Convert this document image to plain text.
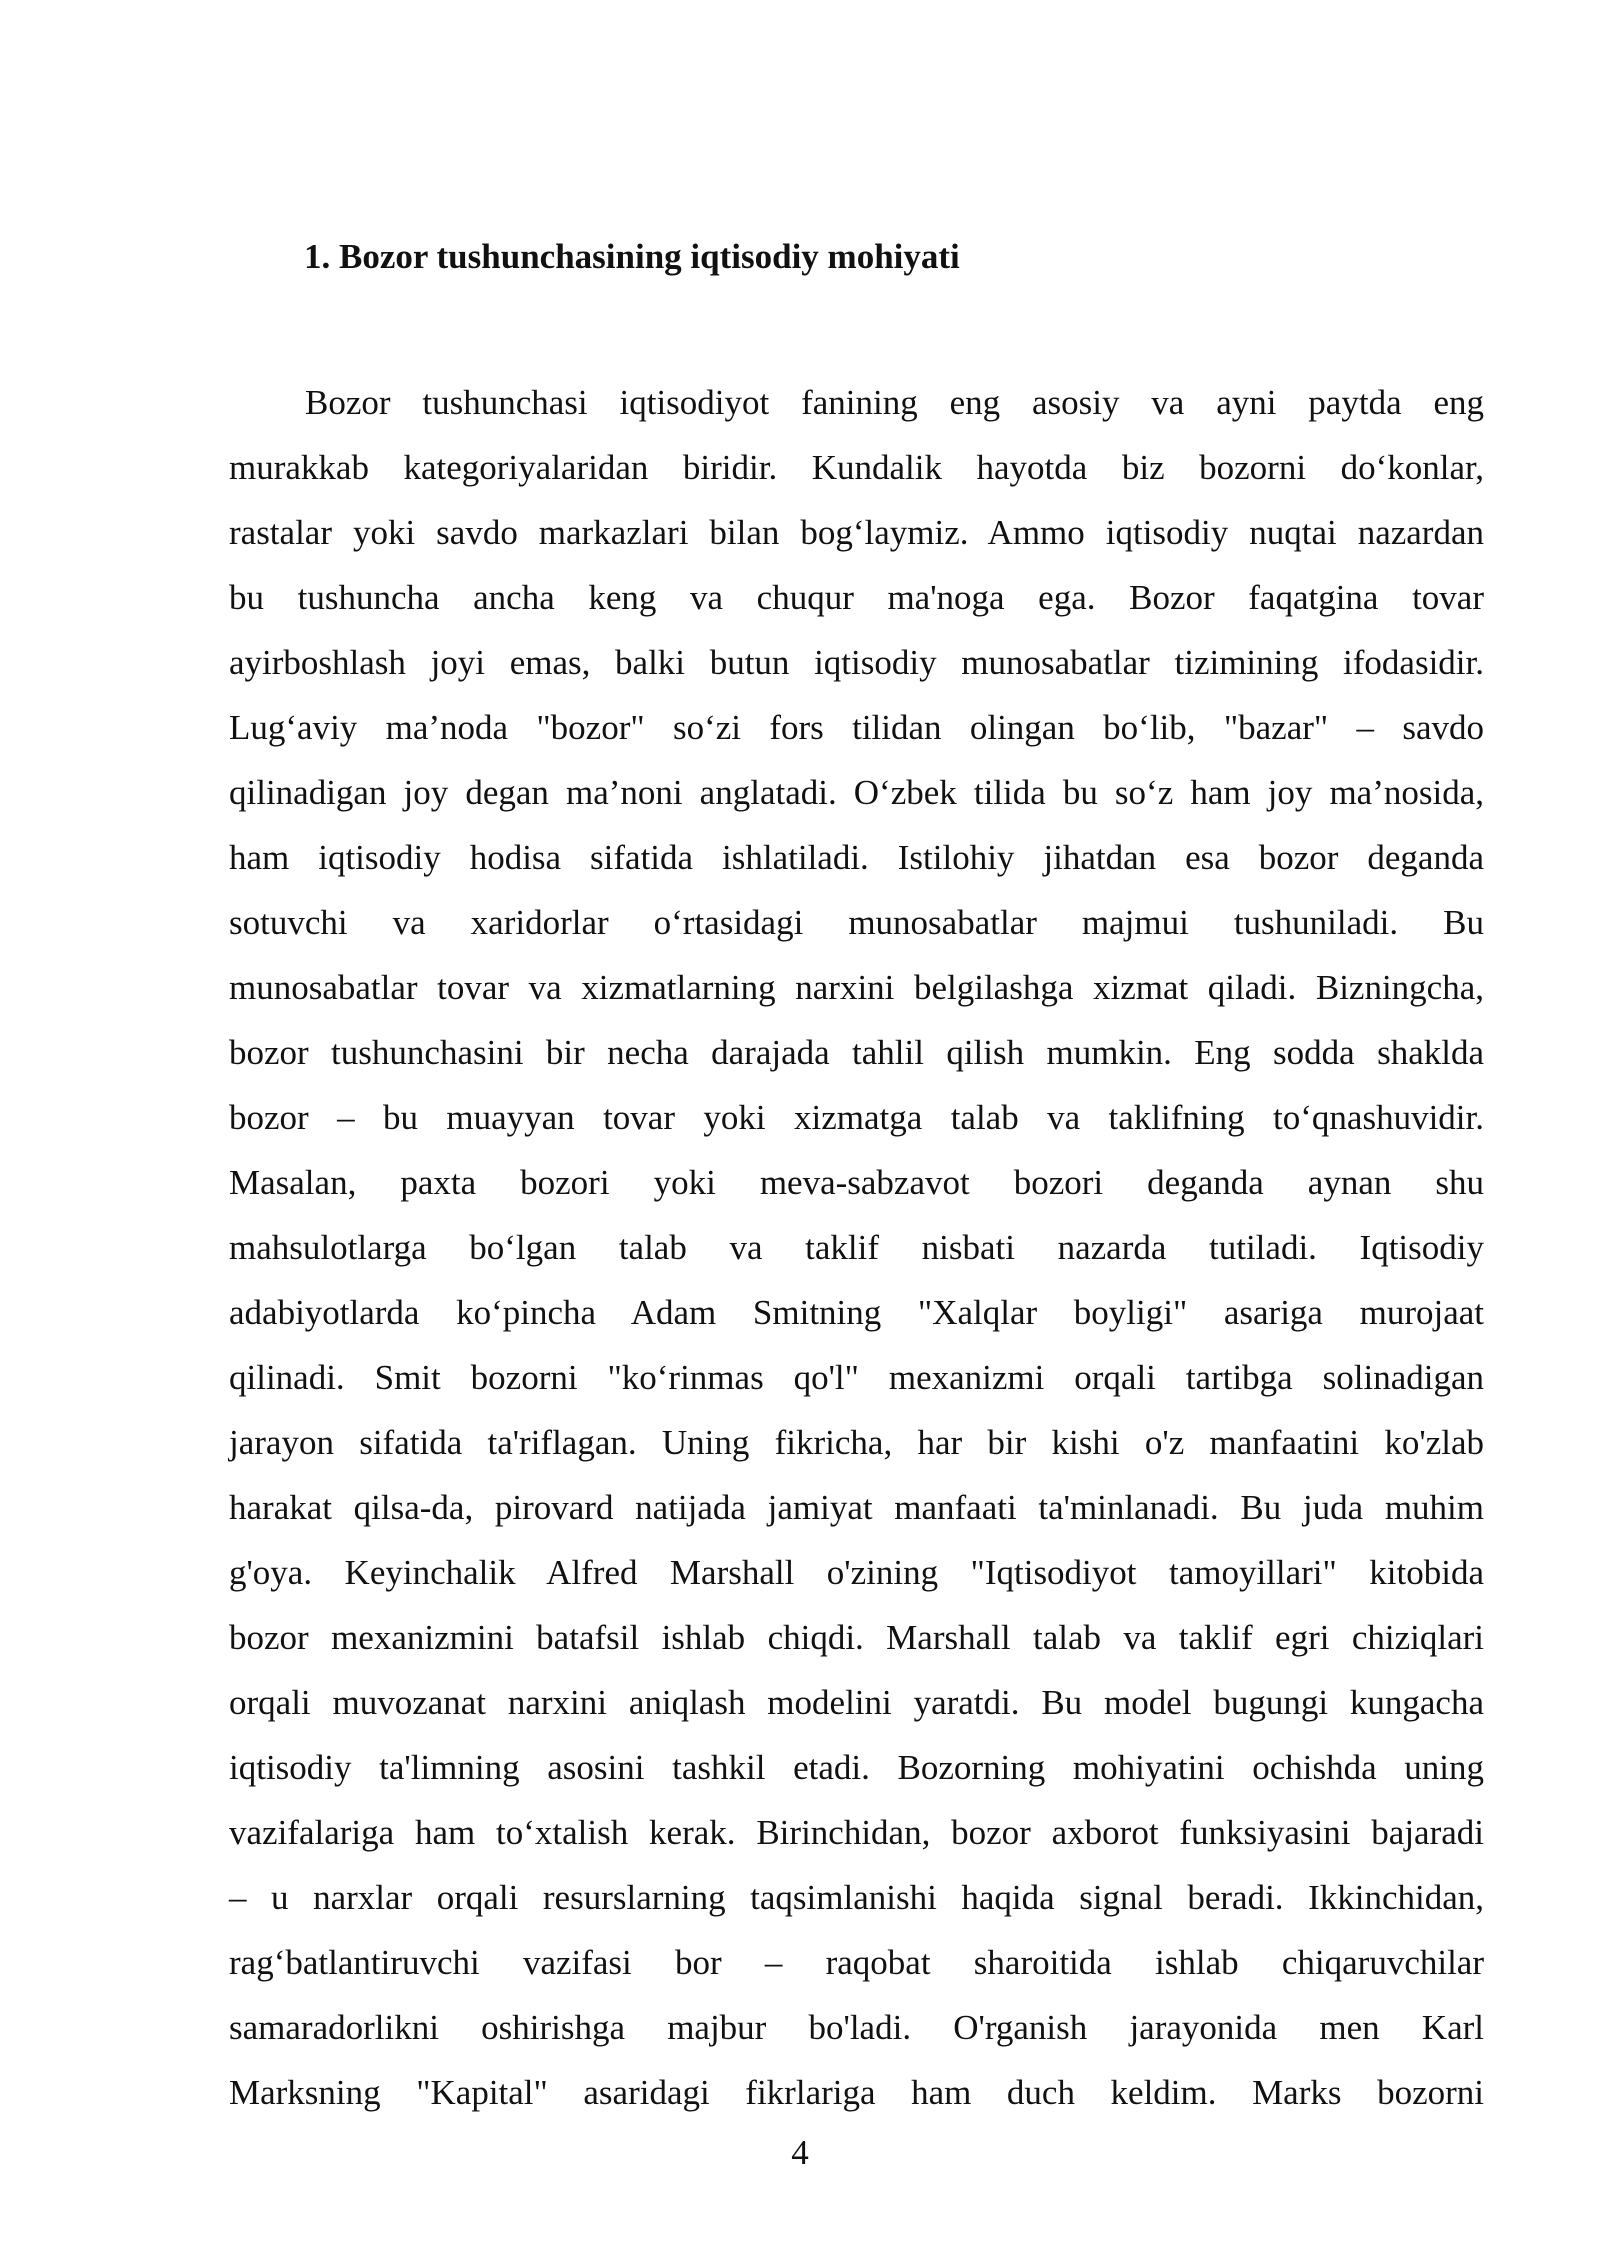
1. Bozor tushunchasining iqtisodiy mohiyati
Bozor tushunchasi iqtisodiyot fanining eng asosiy va ayni paytda eng
murakkab kategoriyalaridan biridir. Kundalik hayotda biz bozorni do‘konlar,
rastalar yoki savdo markazlari bilan bog‘laymiz. Ammo iqtisodiy nuqtai nazardan
bu tushuncha ancha keng va chuqur ma'noga ega. Bozor faqatgina tovar
ayirboshlash joyi emas, balki butun iqtisodiy munosabatlar tizimining ifodasidir.
Lug‘aviy ma’noda "bozor" so‘zi fors tilidan olingan bo‘lib, "bazar" – savdo
qilinadigan joy degan ma’noni anglatadi. O‘zbek tilida bu so‘z ham joy ma’nosida,
ham iqtisodiy hodisa sifatida ishlatiladi. Istilohiy jihatdan esa bozor deganda
sotuvchi va xaridorlar o‘rtasidagi munosabatlar majmui tushuniladi. Bu
munosabatlar tovar va xizmatlarning narxini belgilashga xizmat qiladi. Bizningcha,
bozor tushunchasini bir necha darajada tahlil qilish mumkin. Eng sodda shaklda
bozor – bu muayyan tovar yoki xizmatga talab va taklifning to‘qnashuvidir.
Masalan, paxta bozori yoki meva-sabzavot bozori deganda aynan shu
mahsulotlarga bo‘lgan talab va taklif nisbati nazarda tutiladi. Iqtisodiy
adabiyotlarda ko‘pincha Adam Smitning "Xalqlar boyligi" asariga murojaat
qilinadi. Smit bozorni "ko‘rinmas qo'l" mexanizmi orqali tartibga solinadigan
jarayon sifatida ta'riflagan. Uning fikricha, har bir kishi o'z manfaatini ko'zlab
harakat qilsa-da, pirovard natijada jamiyat manfaati ta'minlanadi. Bu juda muhim
g'oya. Keyinchalik Alfred Marshall o'zining "Iqtisodiyot tamoyillari" kitobida
bozor mexanizmini batafsil ishlab chiqdi. Marshall talab va taklif egri chiziqlari
orqali muvozanat narxini aniqlash modelini yaratdi. Bu model bugungi kungacha
iqtisodiy ta'limning asosini tashkil etadi. Bozorning mohiyatini ochishda uning
vazifalariga ham to‘xtalish kerak. Birinchidan, bozor axborot funksiyasini bajaradi
– u narxlar orqali resurslarning taqsimlanishi haqida signal beradi. Ikkinchidan,
rag‘batlantiruvchi vazifasi bor – raqobat sharoitida ishlab chiqaruvchilar
samaradorlikni oshirishga majbur bo'ladi. O'rganish jarayonida men Karl
Marksning "Kapital" asaridagi fikrlariga ham duch keldim. Marks bozorni

4
